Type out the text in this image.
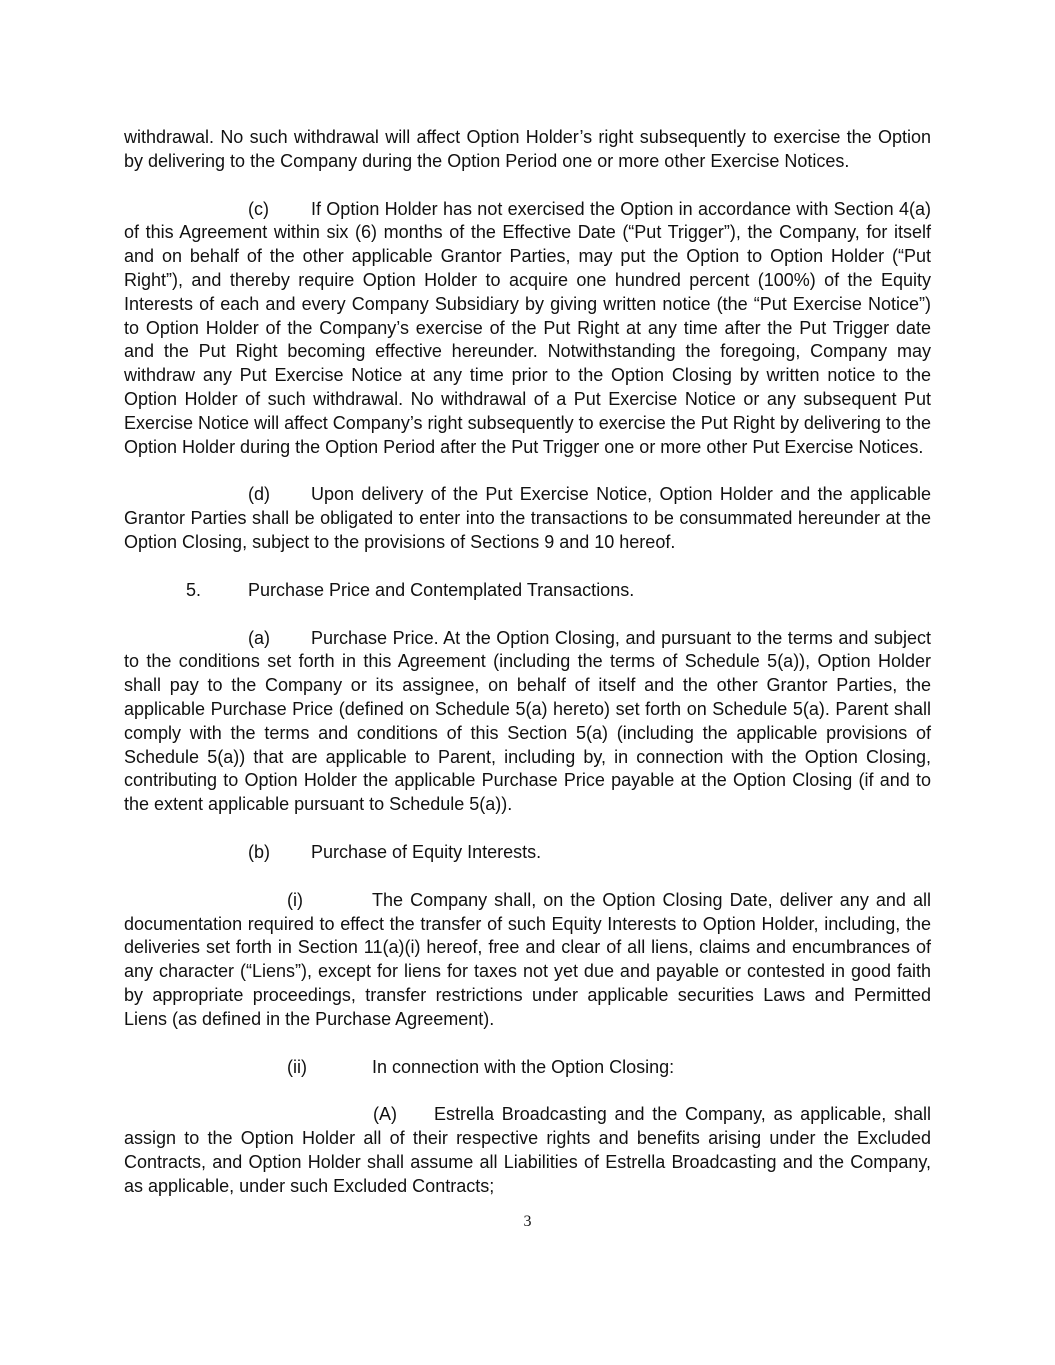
withdrawal. No such withdrawal will affect Option Holder’s right subsequently to exercise the Option by delivering to the Company during the Option Period one or more other Exercise Notices.

(c) If Option Holder has not exercised the Option in accordance with Section 4(a) of this Agreement within six (6) months of the Effective Date (“Put Trigger”), the Company, for itself and on behalf of the other applicable Grantor Parties, may put the Option to Option Holder (“Put Right”), and thereby require Option Holder to acquire one hundred percent (100%) of the Equity Interests of each and every Company Subsidiary by giving written notice (the “Put Exercise Notice”) to Option Holder of the Company’s exercise of the Put Right at any time after the Put Trigger date and the Put Right becoming effective hereunder. Notwithstanding the foregoing, Company may withdraw any Put Exercise Notice at any time prior to the Option Closing by written notice to the Option Holder of such withdrawal. No withdrawal of a Put Exercise Notice or any subsequent Put Exercise Notice will affect Company’s right subsequently to exercise the Put Right by delivering to the Option Holder during the Option Period after the Put Trigger one or more other Put Exercise Notices.

(d) Upon delivery of the Put Exercise Notice, Option Holder and the applicable Grantor Parties shall be obligated to enter into the transactions to be consummated hereunder at the Option Closing, subject to the provisions of Sections 9 and 10 hereof.

5.	Purchase Price and Contemplated Transactions.

(a) Purchase Price. At the Option Closing, and pursuant to the terms and subject to the conditions set forth in this Agreement (including the terms of Schedule 5(a)), Option Holder shall pay to the Company or its assignee, on behalf of itself and the other Grantor Parties, the applicable Purchase Price (defined on Schedule 5(a) hereto) set forth on Schedule 5(a). Parent shall comply with the terms and conditions of this Section 5(a) (including the applicable provisions of Schedule 5(a)) that are applicable to Parent, including by, in connection with the Option Closing, contributing to Option Holder the applicable Purchase Price payable at the Option Closing (if and to the extent applicable pursuant to Schedule 5(a)).

(b) Purchase of Equity Interests.

(i)	The Company shall, on the Option Closing Date, deliver any and all documentation required to effect the transfer of such Equity Interests to Option Holder, including, the deliveries set forth in Section 11(a)(i) hereof, free and clear of all liens, claims and encumbrances of any character (“Liens”), except for liens for taxes not yet due and payable or contested in good faith by appropriate proceedings, transfer restrictions under applicable securities Laws and Permitted Liens (as defined in the Purchase Agreement).

(ii)	In connection with the Option Closing:

(A) Estrella Broadcasting and the Company, as applicable, shall assign to the Option Holder all of their respective rights and benefits arising under the Excluded Contracts, and Option Holder shall assume all Liabilities of Estrella Broadcasting and the Company, as applicable, under such Excluded Contracts;

3
